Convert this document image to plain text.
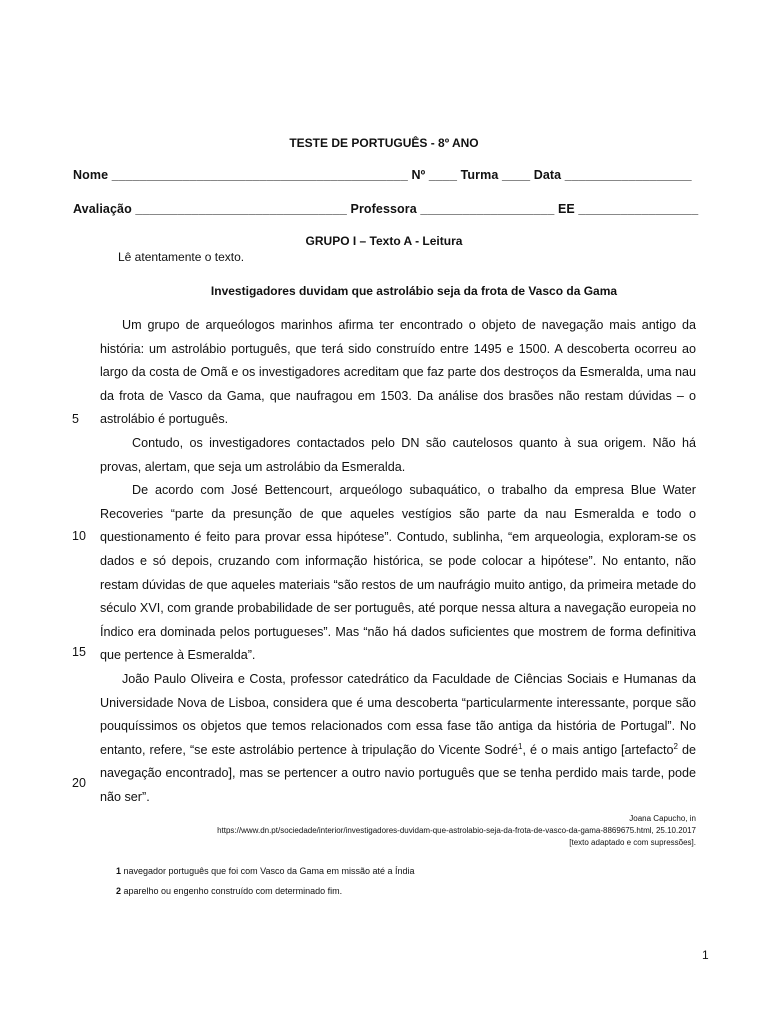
TESTE DE PORTUGUÊS - 8º ANO
Nome __________________________________________ Nº ____ Turma ____ Data __________________
Avaliação ______________________________ Professora ___________________ EE _________________
GRUPO I – Texto A - Leitura
Lê atentamente o texto.
Investigadores duvidam que astrolábio seja da frota de Vasco da Gama

Um grupo de arqueólogos marinhos afirma ter encontrado o objeto de navegação mais antigo da história: um astrolábio português, que terá sido construído entre 1495 e 1500. A descoberta ocorreu ao largo da costa de Omã e os investigadores acreditam que faz parte dos destroços da Esmeralda, uma nau da frota de Vasco da Gama, que naufragou em 1503. Da análise dos brasões não restam dúvidas – o astrolábio é português.

Contudo, os investigadores contactados pelo DN são cautelosos quanto à sua origem. Não há provas, alertam, que seja um astrolábio da Esmeralda.

De acordo com José Bettencourt, arqueólogo subaquático, o trabalho da empresa Blue Water Recoveries “parte da presunção de que aqueles vestígios são parte da nau Esmeralda e todo o questionamento é feito para provar essa hipótese”. Contudo, sublinha, “em arqueologia, exploram-se os dados e só depois, cruzando com informação histórica, se pode colocar a hipótese”. No entanto, não restam dúvidas de que aqueles materiais “são restos de um naufrágio muito antigo, da primeira metade do século XVI, com grande probabilidade de ser português, até porque nessa altura a navegação europeia no Índico era dominada pelos portugueses”. Mas “não há dados suficientes que mostrem de forma definitiva que pertence à Esmeralda”.

João Paulo Oliveira e Costa, professor catedrático da Faculdade de Ciências Sociais e Humanas da Universidade Nova de Lisboa, considera que é uma descoberta “particularmente interessante, porque são pouquíssimos os objetos que temos relacionados com essa fase tão antiga da história de Portugal”. No entanto, refere, “se este astrolábio pertence à tripulação do Vicente Sodré$^1$, é o mais antigo [artefacto$^2$ de navegação encontrado], mas se pertencer a outro navio português que se tenha perdido mais tarde, pode não ser”.

5
10
15
20
Joana Capucho, in
https://www.dn.pt/sociedade/interior/investigadores-duvidam-que-astrolabio-seja-da-frota-de-vasco-da-gama-8869675.html, 25.10.2017
[texto adaptado e com supressões].
1 navegador português que foi com Vasco da Gama em missão até a Índia
2 aparelho ou engenho construído com determinado fim.
1
